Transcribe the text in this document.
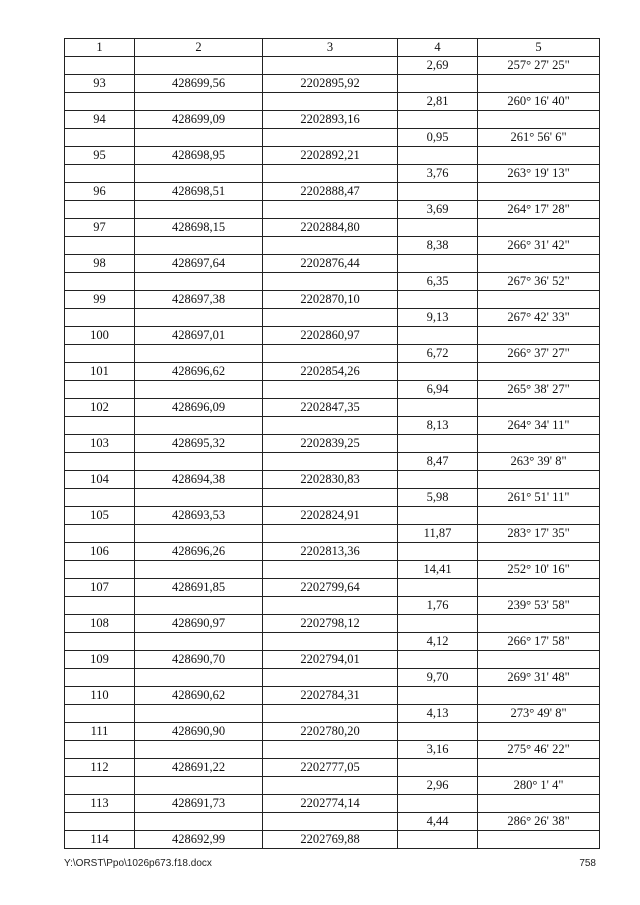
1	2	3	4	5
			2,69	257° 27' 25"
93	428699,56	2202895,92		
			2,81	260° 16' 40"
94	428699,09	2202893,16		
			0,95	261° 56' 6"
95	428698,95	2202892,21		
			3,76	263° 19' 13"
96	428698,51	2202888,47		
			3,69	264° 17' 28"
97	428698,15	2202884,80		
			8,38	266° 31' 42"
98	428697,64	2202876,44		
			6,35	267° 36' 52"
99	428697,38	2202870,10		
			9,13	267° 42' 33"
100	428697,01	2202860,97		
			6,72	266° 37' 27"
101	428696,62	2202854,26		
			6,94	265° 38' 27"
102	428696,09	2202847,35		
			8,13	264° 34' 11"
103	428695,32	2202839,25		
			8,47	263° 39' 8"
104	428694,38	2202830,83		
			5,98	261° 51' 11"
105	428693,53	2202824,91		
			11,87	283° 17' 35"
106	428696,26	2202813,36		
			14,41	252° 10' 16"
107	428691,85	2202799,64		
			1,76	239° 53' 58"
108	428690,97	2202798,12		
			4,12	266° 17' 58"
109	428690,70	2202794,01		
			9,70	269° 31' 48"
110	428690,62	2202784,31		
			4,13	273° 49' 8"
111	428690,90	2202780,20		
			3,16	275° 46' 22"
112	428691,22	2202777,05		
			2,96	280° 1' 4"
113	428691,73	2202774,14		
			4,44	286° 26' 38"
114	428692,99	2202769,88		
Y:\ORST\Ppo\1026p673.f18.docx	758
